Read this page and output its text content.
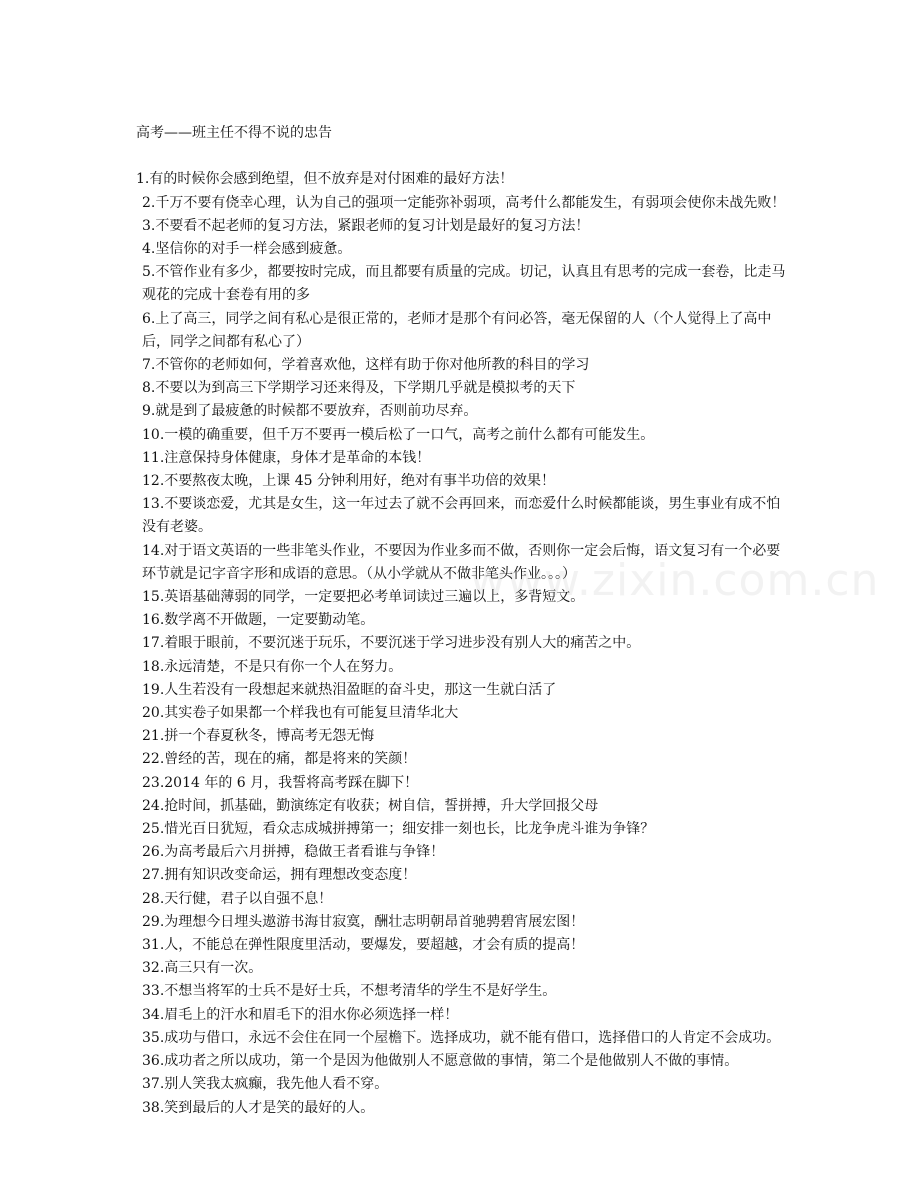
高考——班主任不得不说的忠告

1.有的时候你会感到绝望，但不放弃是对付困难的最好方法！

2.千万不要有侥幸心理，认为自己的强项一定能弥补弱项，高考什么都能发生，有弱项会使你未战先败！

3.不要看不起老师的复习方法，紧跟老师的复习计划是最好的复习方法！

4.坚信你的对手一样会感到疲惫。

5.不管作业有多少，都要按时完成，而且都要有质量的完成。切记，认真且有思考的完成一套卷，比走马观花的完成十套卷有用的多

6.上了高三，同学之间有私心是很正常的，老师才是那个有问必答，毫无保留的人（个人觉得上了高中后，同学之间都有私心了）

7.不管你的老师如何，学着喜欢他，这样有助于你对他所教的科目的学习

8.不要以为到高三下学期学习还来得及，下学期几乎就是模拟考的天下

9.就是到了最疲惫的时候都不要放弃，否则前功尽弃。

10.一模的确重要，但千万不要再一模后松了一口气，高考之前什么都有可能发生。

11.注意保持身体健康，身体才是革命的本钱！

12.不要熬夜太晚，上课 45 分钟利用好，绝对有事半功倍的效果！

13.不要谈恋爱，尤其是女生，这一年过去了就不会再回来，而恋爱什么时候都能谈，男生事业有成不怕没有老婆。

14.对于语文英语的一些非笔头作业，不要因为作业多而不做，否则你一定会后悔，语文复习有一个必要环节就是记字音字形和成语的意思。（从小学就从不做非笔头作业。。。）

15.英语基础薄弱的同学，一定要把必考单词读过三遍以上，多背短文。

16.数学离不开做题，一定要勤动笔。

17.着眼于眼前，不要沉迷于玩乐，不要沉迷于学习进步没有别人大的痛苦之中。

18.永远清楚，不是只有你一个人在努力。

19.人生若没有一段想起来就热泪盈眶的奋斗史，那这一生就白活了

20.其实卷子如果都一个样我也有可能复旦清华北大

21.拼一个春夏秋冬，博高考无怨无悔

22.曾经的苦，现在的痛，都是将来的笑颜！

23.2014 年的 6 月，我誓将高考踩在脚下！

24.抢时间，抓基础，勤演练定有收获；树自信，誓拼搏，升大学回报父母

25.惜光百日犹短，看众志成城拼搏第一；细安排一刻也长，比龙争虎斗谁为争锋？

26.为高考最后六月拼搏，稳做王者看谁与争锋！

27.拥有知识改变命运，拥有理想改变态度！

28.天行健，君子以自强不息！

29.为理想今日埋头遨游书海甘寂寞，酬壮志明朝昂首驰骋碧宵展宏图！

31.人，不能总在弹性限度里活动，要爆发，要超越，才会有质的提高！

32.高三只有一次。

33.不想当将军的士兵不是好士兵，不想考清华的学生不是好学生。

34.眉毛上的汗水和眉毛下的泪水你必须选择一样！

35.成功与借口，永远不会住在同一个屋檐下。选择成功，就不能有借口，选择借口的人肯定不会成功。

36.成功者之所以成功，第一个是因为他做别人不愿意做的事情，第二个是他做别人不做的事情。

37.别人笑我太疯癫，我先他人看不穿。

38.笑到最后的人才是笑的最好的人。

www.zixin.com.cn
